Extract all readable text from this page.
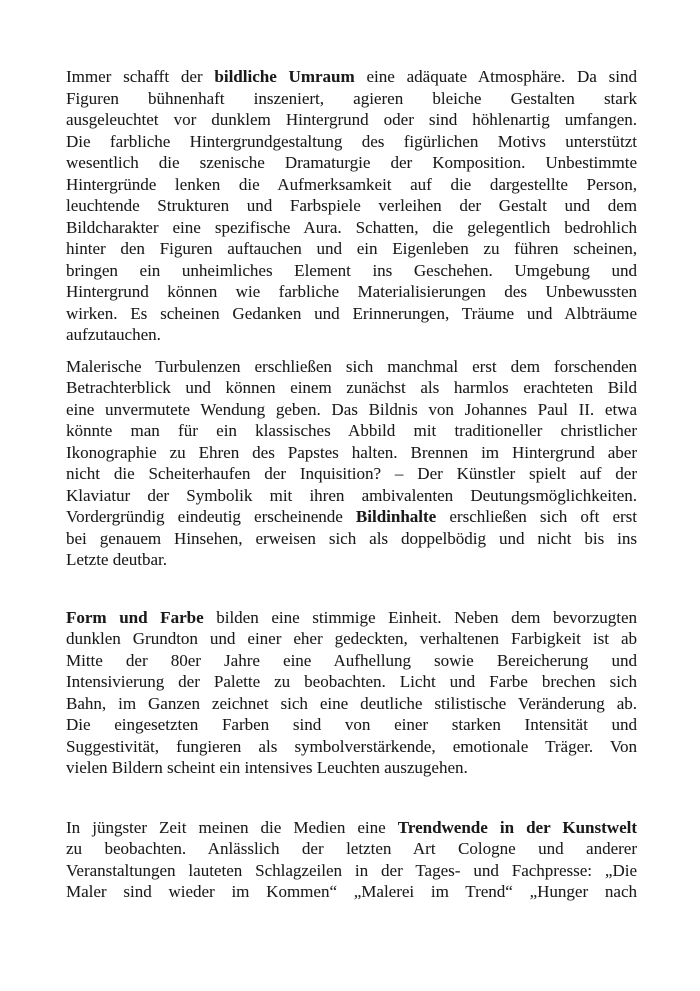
Immer schafft der bildliche Umraum eine adäquate Atmosphäre. Da sind
Figuren bühnenhaft inszeniert, agieren bleiche Gestalten stark
ausgeleuchtet vor dunklem Hintergrund oder sind höhlenartig umfangen.
Die farbliche Hintergrundgestaltung des figürlichen Motivs unterstützt
wesentlich die szenische Dramaturgie der Komposition. Unbestimmte
Hintergründe lenken die Aufmerksamkeit auf die dargestellte Person,
leuchtende Strukturen und Farbspiele verleihen der Gestalt und dem
Bildcharakter eine spezifische Aura. Schatten, die gelegentlich bedrohlich
hinter den Figuren auftauchen und ein Eigenleben zu führen scheinen,
bringen ein unheimliches Element ins Geschehen. Umgebung und
Hintergrund können wie farbliche Materialisierungen des Unbewussten
wirken. Es scheinen Gedanken und Erinnerungen, Träume und Albträume
aufzutauchen.
Malerische Turbulenzen erschließen sich manchmal erst dem forschenden
Betrachterblick und können einem zunächst als harmlos erachteten Bild
eine unvermutete Wendung geben. Das Bildnis von Johannes Paul II. etwa
könnte man für ein klassisches Abbild mit traditioneller christlicher
Ikonographie zu Ehren des Papstes halten. Brennen im Hintergrund aber
nicht die Scheiterhaufen der Inquisition? – Der Künstler spielt auf der
Klaviatur der Symbolik mit ihren ambivalenten Deutungsmöglichkeiten.
Vordergründig eindeutig erscheinende Bildinhalte erschließen sich oft erst
bei genauem Hinsehen, erweisen sich als doppelbödig und nicht bis ins
Letzte deutbar.
Form und Farbe bilden eine stimmige Einheit. Neben dem bevorzugten
dunklen Grundton und einer eher gedeckten, verhaltenen Farbigkeit ist ab
Mitte der 80er Jahre eine Aufhellung sowie Bereicherung und
Intensivierung der Palette zu beobachten. Licht und Farbe brechen sich
Bahn, im Ganzen zeichnet sich eine deutliche stilistische Veränderung ab.
Die eingesetzten Farben sind von einer starken Intensität und
Suggestivität, fungieren als symbolverstärkende, emotionale Träger. Von
vielen Bildern scheint ein intensives Leuchten auszugehen.
In jüngster Zeit meinen die Medien eine Trendwende in der Kunstwelt
zu beobachten. Anlässlich der letzten Art Cologne und anderer
Veranstaltungen lauteten Schlagzeilen in der Tages- und Fachpresse: „Die
Maler sind wieder im Kommen“ „Malerei im Trend“ „Hunger nach
